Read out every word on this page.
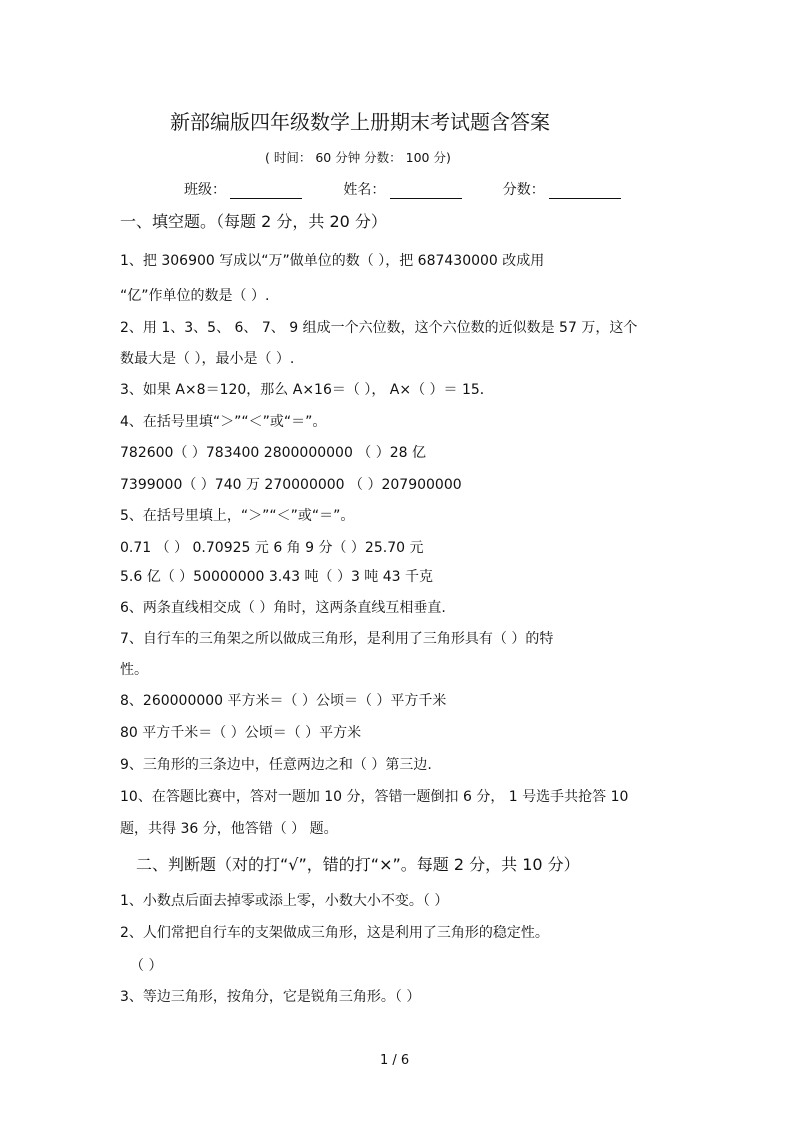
新部编版四年级数学上册期末考试题含答案
( 时间： 60 分钟 分数： 100 分)
班级：	姓名：	分数：
一、填空题。（每题 2 分，共 20 分）
1、把 306900 写成以“万”做单位的数（ ），把 687430000 改成用
“亿”作单位的数是（ ）.
2、用 1、3、5、 6、 7、 9 组成一个六位数，这个六位数的近似数是 57 万，这个
数最大是（ ），最小是（ ）.
3、如果 A×8＝120，那么 A×16＝（ ）， A×（ ）＝ 15．
4、在括号里填“＞”“＜”或“＝”。
782600（ ）783400 2800000000 （ ）28 亿
7399000（ ）740 万 270000000 （ ）207900000
5、在括号里填上，“＞”“＜”或“＝”。
0.71 （ ） 0.70925 元 6 角 9 分（ ）25.70 元
5.6 亿（ ）50000000 3.43 吨（ ）3 吨 43 千克
6、两条直线相交成（ ）角时，这两条直线互相垂直.
7、自行车的三角架之所以做成三角形，是利用了三角形具有（ ）的特
性。
8、260000000 平方米＝（ ）公顷＝（ ）平方千米
80 平方千米＝（ ）公顷＝（ ）平方米
9、三角形的三条边中，任意两边之和（ ）第三边.
10、在答题比赛中，答对一题加 10 分，答错一题倒扣 6 分， 1 号选手共抢答 10
题，共得 36 分，他答错（ ） 题。
二、判断题（对的打“√”，错的打“×”。每题 2 分，共 10 分）
1、小数点后面去掉零或添上零，小数大小不变。（ ）
2、人们常把自行车的支架做成三角形，这是利用了三角形的稳定性。
（ ）
3、等边三角形，按角分，它是锐角三角形。（ ）
1 / 6
